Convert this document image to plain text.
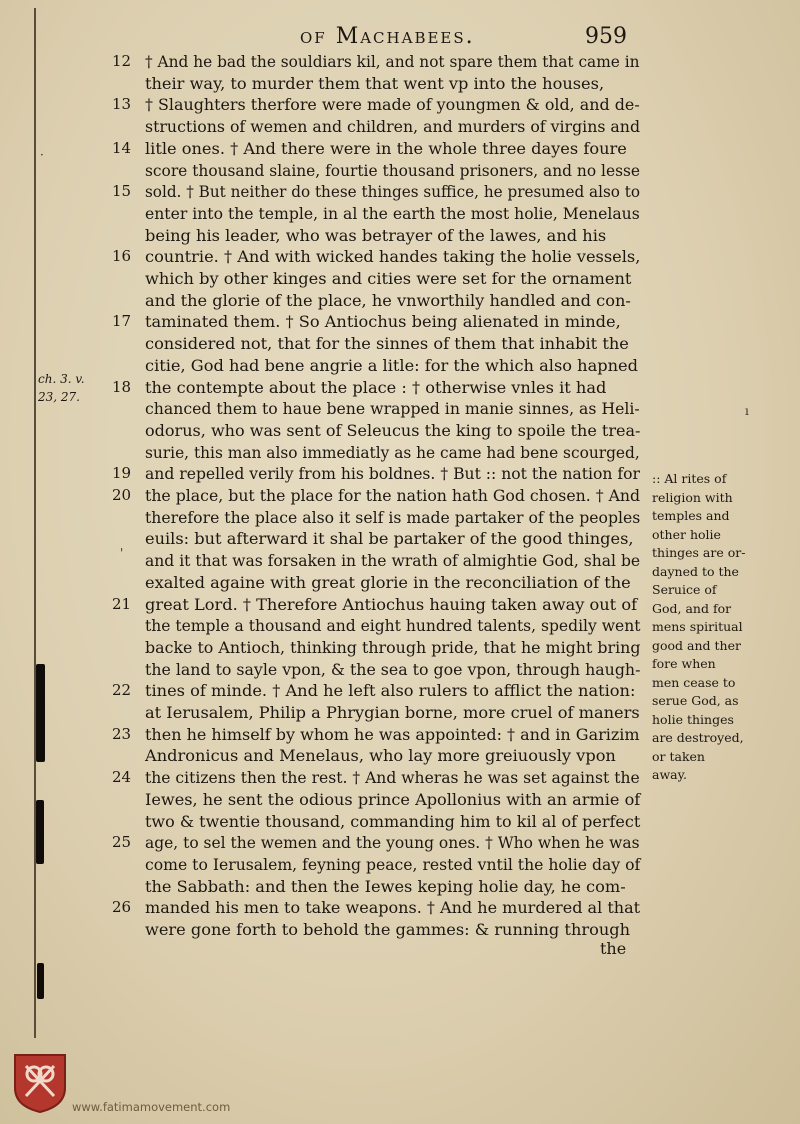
of Machabees.	959
12 † And he bad the souldiars kil, and not spare them that came in
their way, to murder them that went vp into the houses,
13 † Slaughters therfore were made of youngmen & old, and de-
structions of wemen and children, and murders of virgins and
14 litle ones. † And there were in the whole three dayes foure
score thousand slaine, fourtie thousand prisoners, and no lesse
15 sold. † But neither do these thinges suffice, he presumed also to
enter into the temple, in al the earth the most holie, Menelaus
being his leader, who was betrayer of the lawes, and his
16 countrie. † And with wicked handes taking the holie vessels,
which by other kinges and cities were set for the ornament
and the glorie of the place, he vnworthily handled and con-
17 taminated them. † So Antiochus being alienated in minde,
considered not, that for the sinnes of them that inhabit the
citie, God had bene angrie a litle: for the which also hapned
18 the contempte about the place : † otherwise vnles it had
chanced them to haue bene wrapped in manie sinnes, as Heli-
odorus, who was sent of Seleucus the king to spoile the trea-
surie, this man also immediatly as he came had bene scourged,
19 and repelled verily from his boldnes. † But :: not the nation for
20 the place, but the place for the nation hath God chosen. † And
therefore the place also it self is made partaker of the peoples
euils: but afterward it shal be partaker of the good thinges,
and it that was forsaken in the wrath of almightie God, shal be
exalted againe with great glorie in the reconciliation of the
21 great Lord. † Therefore Antiochus hauing taken away out of
the temple a thousand and eight hundred talents, spedily went
backe to Antioch, thinking through pride, that he might bring
the land to sayle vpon, & the sea to goe vpon, through haugh-
22 tines of minde. † And he left also rulers to afflict the nation:
at Ierusalem, Philip a Phrygian borne, more cruel of maners
23 then he himself by whom he was appointed: † and in Garizim
Andronicus and Menelaus, who lay more greiuously vpon
24 the citizens then the rest. † And wheras he was set against the
Iewes, he sent the odious prince Apollonius with an armie of
two & twentie thousand, commanding him to kil al of perfect
25 age, to sel the wemen and the young ones. † Who when he was
come to Ierusalem, feyning peace, rested vntil the holie day of
the Sabbath: and then the Iewes keping holie day, he com-
26 manded his men to take weapons. † And he murdered al that
were gone forth to behold the gammes: & running through
the
ch. 3. v.
23, 27.
:: Al rites of
religion with
temples and
other holie
thinges are or-
dayned to the
Seruice of
God, and for
mens spiritual
good and ther
fore when
men cease to
serue God, as
holie thinges
are destroyed,
or taken
away.
·
'
ı
www.fatimamovement.com
